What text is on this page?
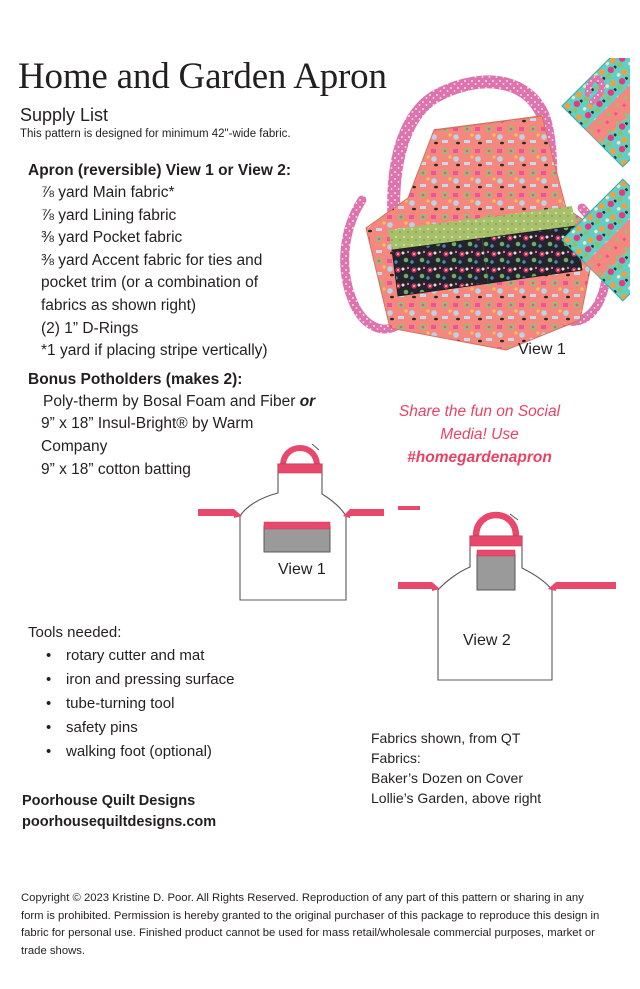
Home and Garden Apron
Supply List
This pattern is designed for minimum 42"-wide fabric.
View 1
Apron (reversible) View 1 or View 2:
⅞ yard Main fabric*
⅞ yard Lining fabric
⅜ yard Pocket fabric
⅜ yard Accent fabric for ties and
pocket trim (or a combination of
fabrics as shown right)
(2) 1” D-Rings
*1 yard if placing stripe vertically)
Bonus Potholders (makes 2):
Poly-therm by Bosal Foam and Fiber or
9” x 18” Insul-Bright® by Warm
Company
9” x 18” cotton batting
Share the fun on Social
Media! Use
#homegardenapron
View 1
View 2
Tools needed:
• rotary cutter and mat
• iron and pressing surface
• tube-turning tool
• safety pins
• walking foot (optional)
Fabrics shown, from QT
Fabrics:
Baker’s Dozen on Cover
Lollie’s Garden, above right
Poorhouse Quilt Designs
poorhousequiltdesigns.com
Copyright © 2023 Kristine D. Poor. All Rights Reserved. Reproduction of any part of this pattern or sharing in any form is prohibited. Permission is hereby granted to the original purchaser of this package to reproduce this design in fabric for personal use. Finished product cannot be used for mass retail/wholesale commercial purposes, market or trade shows.
